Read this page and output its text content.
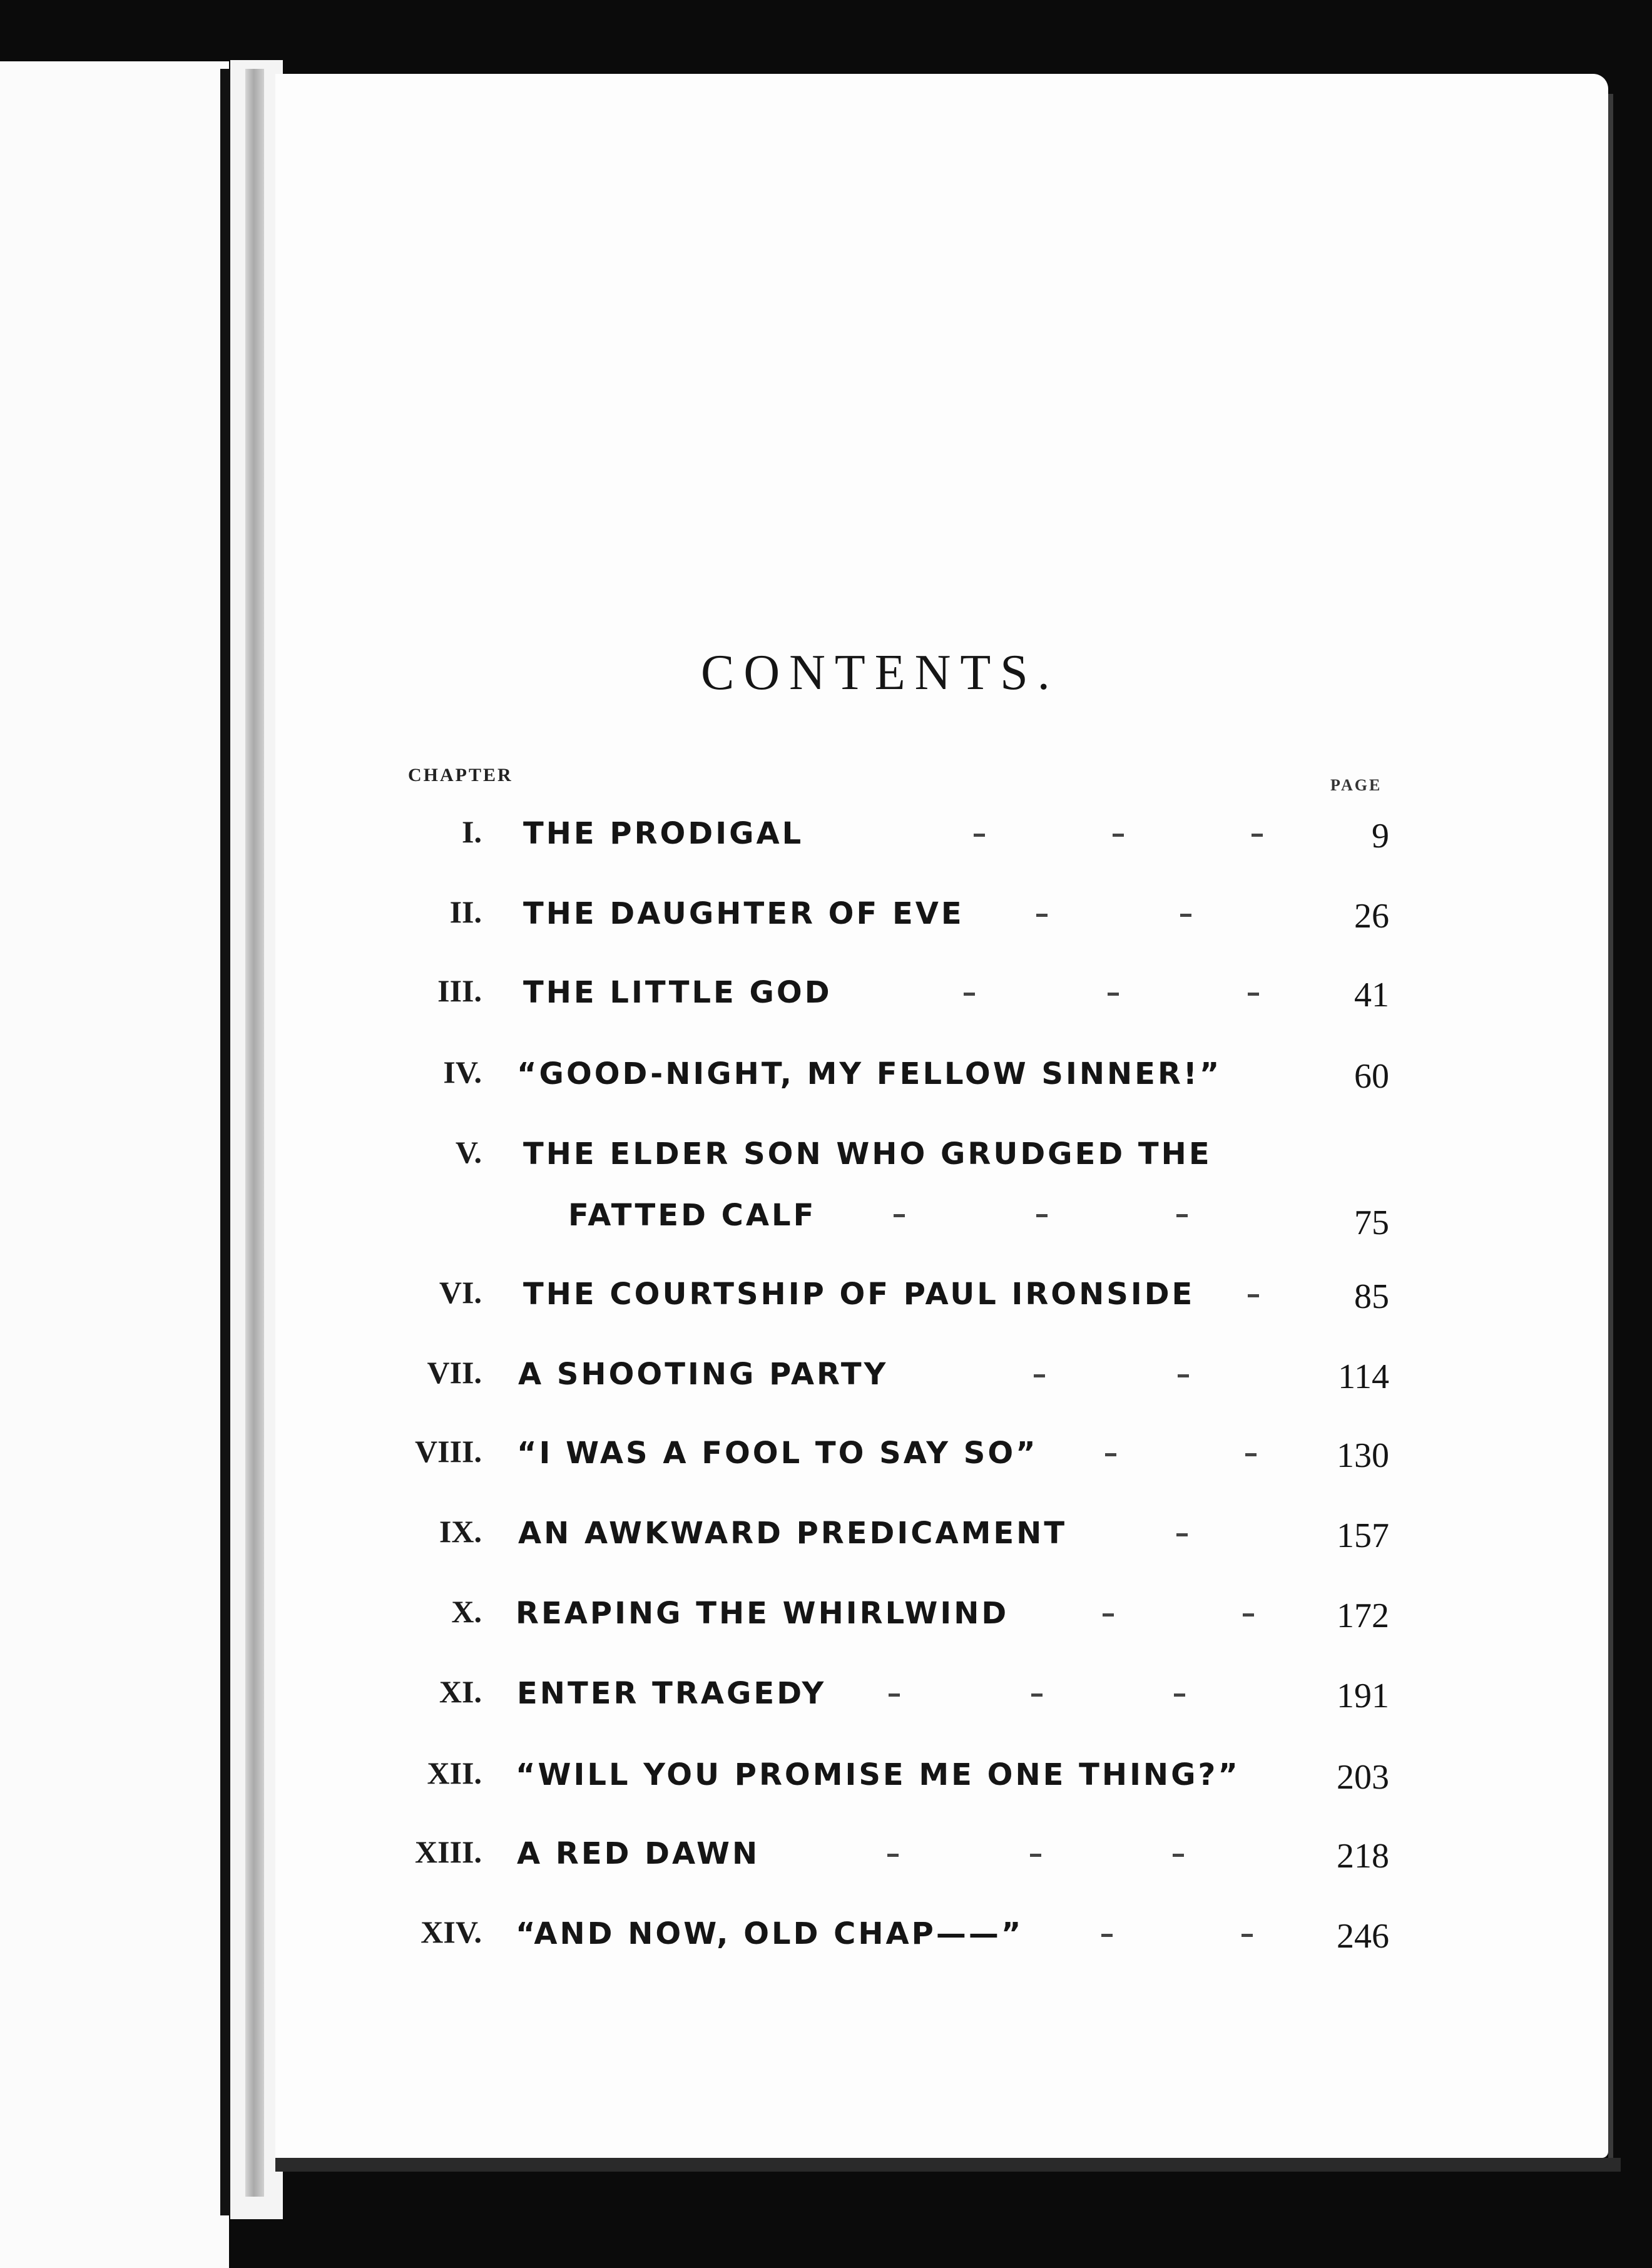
CONTENTS.
CHAPTER	PAGE
I. THE PRODIGAL	9
II. THE DAUGHTER OF EVE	26
III. THE LITTLE GOD	41
IV. “GOOD-NIGHT, MY FELLOW SINNER!”	60
V. THE ELDER SON WHO GRUDGED THE
FATTED CALF	75
VI. THE COURTSHIP OF PAUL IRONSIDE	85
VII. A SHOOTING PARTY	114
VIII. “I WAS A FOOL TO SAY SO”	130
IX. AN AWKWARD PREDICAMENT	157
X. REAPING THE WHIRLWIND	172
XI. ENTER TRAGEDY	191
XII. “WILL YOU PROMISE ME ONE THING?”	203
XIII. A RED DAWN	218
XIV. “AND NOW, OLD CHAP——”	246
